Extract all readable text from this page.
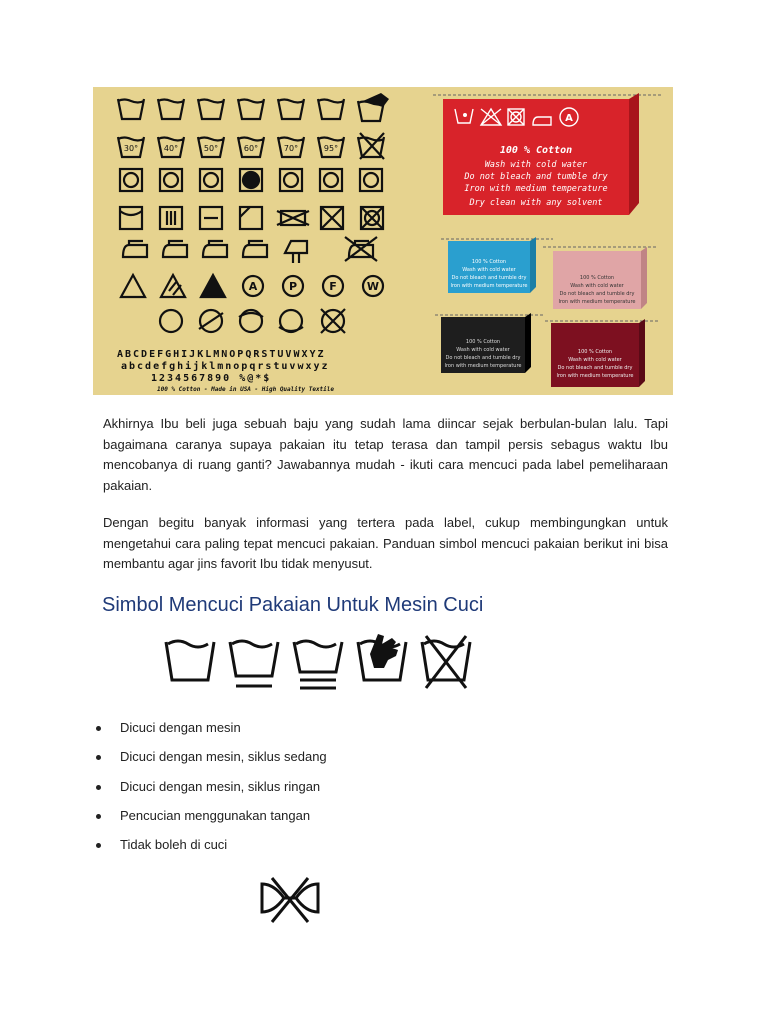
30°	40°	50°	60°	70°	95°
A	P	F	W
ABCDEFGHIJKLMNOPQRSTUVWXYZ
abcdefghijklmnopqrstuvwxyz
1234567890 %@*$
100 % Cotton - Made in USA - High Quality Textile
A
100 % Cotton
Wash with cold water
Do not bleach and tumble dry
Iron with medium temperature
Dry clean with any solvent
100 % Cotton
Wash with cold water
Do not bleach and tumble dry
Iron with medium temperature
100 % Cotton
Wash with cold water
Do not bleach and tumble dry
Iron with medium temperature
100 % Cotton
Wash with cold water
Do not bleach and tumble dry
Iron with medium temperature
100 % Cotton
Wash with cold water
Do not bleach and tumble dry
Iron with medium temperature

Akhirnya Ibu beli juga sebuah baju yang sudah lama diincar sejak berbulan-bulan lalu. Tapi bagaimana caranya supaya pakaian itu tetap terasa dan tampil persis sebagus waktu Ibu mencobanya di ruang ganti? Jawabannya mudah - ikuti cara mencuci pada label pemeliharaan pakaian.

Dengan begitu banyak informasi yang tertera pada label, cukup membingungkan untuk mengetahui cara paling tepat mencuci pakaian. Panduan simbol mencuci pakaian berikut ini bisa membantu agar jins favorit Ibu tidak menyusut.

Simbol Mencuci Pakaian Untuk Mesin Cuci
Dicuci dengan mesin
Dicuci dengan mesin, siklus sedang
Dicuci dengan mesin, siklus ringan
Pencucian menggunakan tangan
Tidak boleh di cuci
